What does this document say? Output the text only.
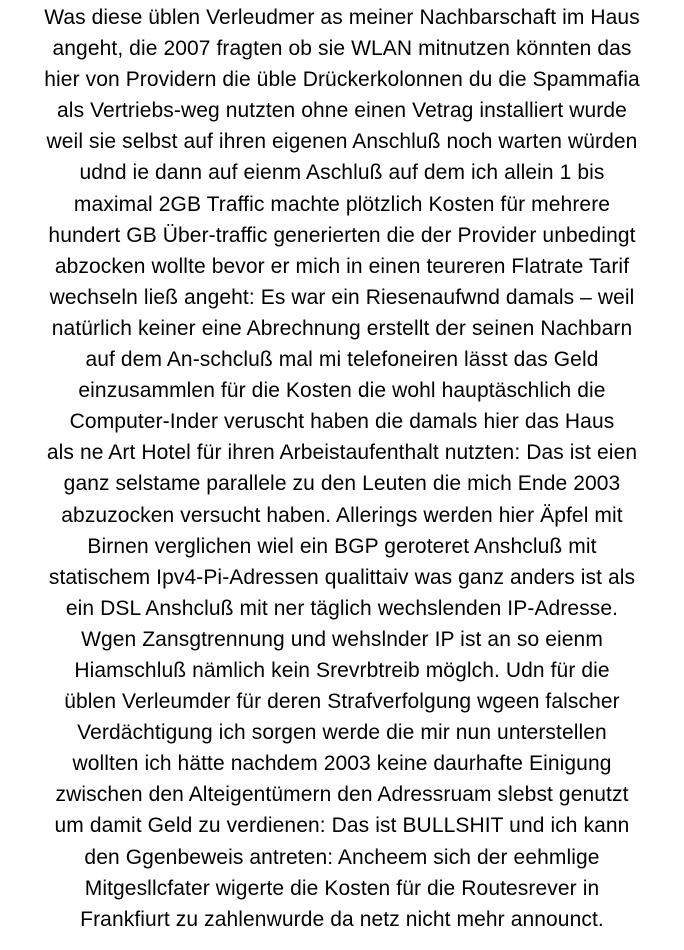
Was diese üblen Verleudmer as meiner Nachbarschaft im Haus
angeht, die 2007 fragten ob sie WLAN mitnutzen könnten das
hier von Providern die üble Drückerkolonnen du die Spammafia
als Vertriebs-weg nutzten ohne einen Vetrag installiert wurde
weil sie selbst auf ihren eigenen Anschluß noch warten würden
udnd ie dann auf eienm Aschluß auf dem ich allein 1 bis
maximal 2GB Traffic machte plötzlich Kosten für mehrere
hundert GB Über-traffic generierten die der Provider unbedingt
abzocken wollte bevor er mich in einen teureren Flatrate Tarif
wechseln ließ angeht: Es war ein Riesenaufwnd damals – weil
natürlich keiner eine Abrechnung erstellt der seinen Nachbarn
auf dem An-schcluß mal mi telefoneiren lässt das Geld
einzusammlen für die Kosten die wohl hauptäschlich die
Computer-Inder veruscht haben die damals hier das Haus
als ne Art Hotel für ihren Arbeistaufenthalt nutzten: Das ist eien
ganz selstame parallele zu den Leuten die mich Ende 2003
abzuzocken versucht haben. Allerings werden hier Äpfel mit
Birnen verglichen wiel ein BGP geroteret Anshcluß mit
statischem Ipv4-Pi-Adressen qualittaiv was ganz anders ist als
ein DSL Anshcluß mit ner täglich wechslenden IP-Adresse.
Wgen Zansgtrennung und wehslnder IP ist an so eienm
Hiamschluß nämlich kein Srevrbtreib möglch. Udn für die
üblen Verleumder für deren Strafverfolgung wgeen falscher
Verdächtigung ich sorgen werde die mir nun unterstellen
wollten ich hätte nachdem 2003 keine daurhafte Einigung
zwischen den Alteigentümern den Adressruam slebst genutzt
um damit Geld zu verdienen: Das ist BULLSHIT und ich kann
den Ggenbeweis antreten: Ancheem sich der eehmlige
Mitgesllcfater wigerte die Kosten für die Routesrever in
Frankfiurt zu zahlenwurde da netz nicht mehr announct.
